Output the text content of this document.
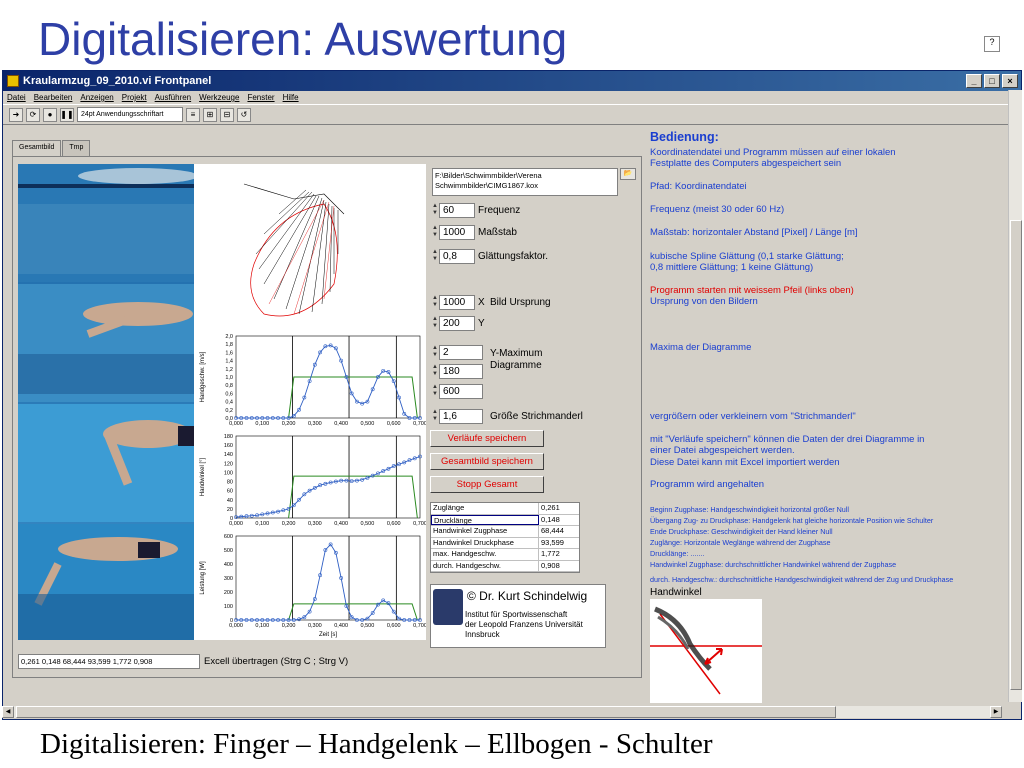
Digitalisieren: Auswertung
Kraularmzug_09_2010.vi Frontpanel	_	□	×
Datei Bearbeiten Anzeigen Projekt Ausführen Werkzeuge Fenster Hilfe
➜	⟳	● ❚❚	24pt Anwendungsschriftart	≡	⊞	⊟	↺
?
Gesamtbild	Tmp
0,0
0,2
0,4
0,6
0,8
1,0
1,2
1,4
1,6
1,8
2,0
0,000 0,100 0,200 0,300 0,400 0,500 0,600 0,700
Handgeschw. [m/s]
0
20
40
60
80
100
120
140
160
180
0,000 0,100 0,200 0,300 0,400 0,500 0,600 0,700
Handwinkel [°]
0
100
200
300
400
500
600
0,000 0,100 0,200 0,300 0,400 0,500 0,600 0,700
Leistung [W]
Zeit [s]
F:\Bilder\Schwimmbilder\Verena Schwimmbilder\CIMG1867.kox
📂
▲
▼ 60	Frequenz
▲
▼ 1000	Maßstab
▲
▼ 0,8	Glättungsfaktor.
▲
▼ 1000	X Bild Ursprung
▲
▼ 200	Y
▲
▼ 2
▲
▼ 180
▲
▼ 600
Y-Maximum
Diagramme
▲
▼ 1,6	Größe Strichmanderl
Verläufe speichern
Gesamtbild speichern
Stopp Gesamt
Zuglänge	0,261
Drucklänge	0,148
Handwinkel Zugphase	68,444
Handwinkel Druckphase	93,599
max. Handgeschw.	1,772
durch. Handgeschw.	0,908
© Dr. Kurt Schindelwig
Institut für Sportwissenschaft
der Leopold Franzens Universität
Innsbruck
0,261 0,148 68,444 93,599 1,772 0,908	Excell übertragen (Strg C ; Strg V)
Bedienung:
Koordinatendatei und Programm müssen auf einer lokalen
Festplatte des Computers abgespeichert sein
Pfad: Koordinatendatei
Frequenz (meist 30 oder 60 Hz)
Maßstab: horizontaler Abstand [Pixel] / Länge [m]
kubische Spline Glättung (0,1 starke Glättung;
0,8 mittlere Glättung; 1 keine Glättung)
Programm starten mit weissem Pfeil (links oben)
Ursprung von den Bildern
Maxima der Diagramme
vergrößern oder verkleinern vom "Strichmanderl"
mit "Verläufe speichern" können die Daten der drei Diagramme in
einer Datei abgespeichert werden.
Diese Datei kann mit Excel importiert werden
Programm wird angehalten
Beginn Zugphase: Handgeschwindigkeit horizontal größer Null
Übergang Zug- zu Druckphase: Handgelenk hat gleiche horizontale Position wie Schulter
Ende Druckphase: Geschwindigkeit der Hand kleiner Null
Zuglänge: Horizontale Weglänge während der Zugphase
Drucklänge: .......
Handwinkel Zugphase: durchschnittlicher Handwinkel während der Zugphase
durch. Handgeschw.: durchschnittliche Handgeschwindigkeit während der Zug und Druckphase
Handwinkel
◀	▶
Digitalisieren: Finger – Handgelenk – Ellbogen - Schulter
